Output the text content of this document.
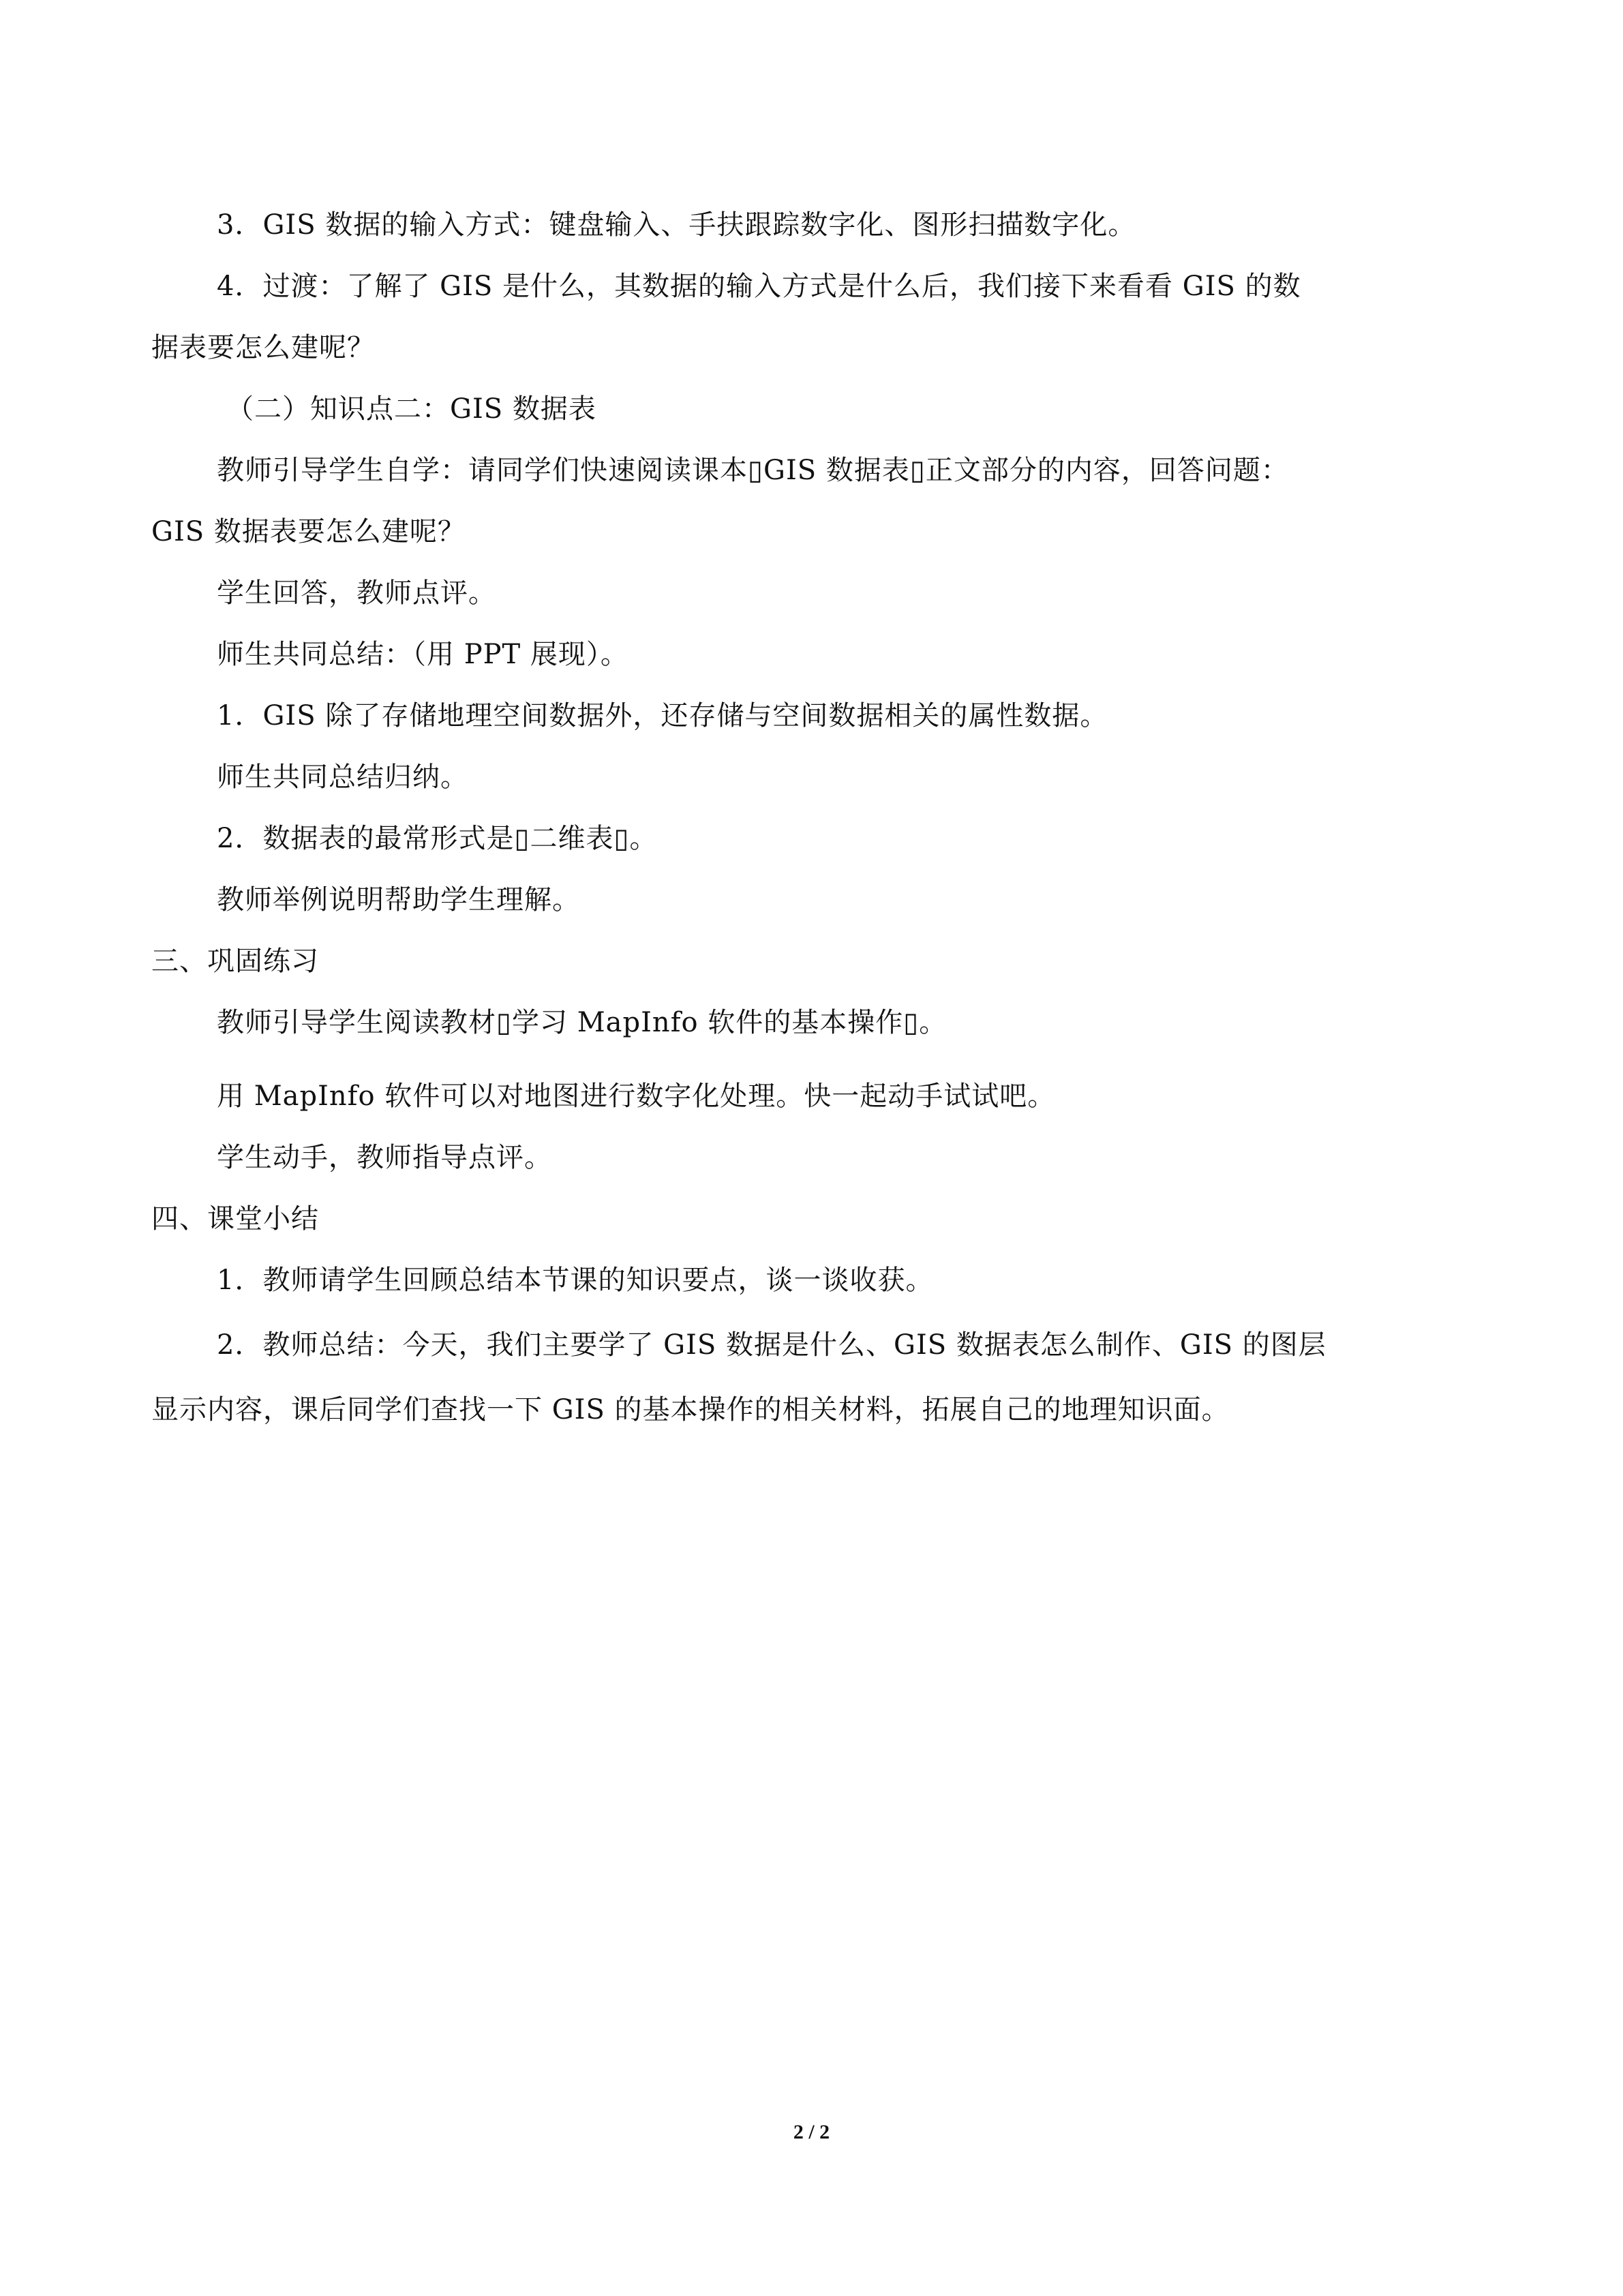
3．GIS 数据的输入方式：键盘输入、手扶跟踪数字化、图形扫描数字化。

4．过渡：了解了 GIS 是什么，其数据的输入方式是什么后，我们接下来看看 GIS 的数

据表要怎么建呢？

（二）知识点二：GIS 数据表

教师引导学生自学：请同学们快速阅读课本▯GIS 数据表▯正文部分的内容，回答问题：

GIS 数据表要怎么建呢？

学生回答，教师点评。

师生共同总结：（用 PPT 展现）。

1．GIS 除了存储地理空间数据外，还存储与空间数据相关的属性数据。

师生共同总结归纳。

2．数据表的最常形式是▯二维表▯。

教师举例说明帮助学生理解。

三、巩固练习

教师引导学生阅读教材▯学习 MapInfo 软件的基本操作▯。

用 MapInfo 软件可以对地图进行数字化处理。快一起动手试试吧。

学生动手，教师指导点评。

四、课堂小结

1．教师请学生回顾总结本节课的知识要点，谈一谈收获。

2．教师总结：今天，我们主要学了 GIS 数据是什么、GIS 数据表怎么制作、GIS 的图层

显示内容，课后同学们查找一下 GIS 的基本操作的相关材料，拓展自己的地理知识面。

2 / 2
